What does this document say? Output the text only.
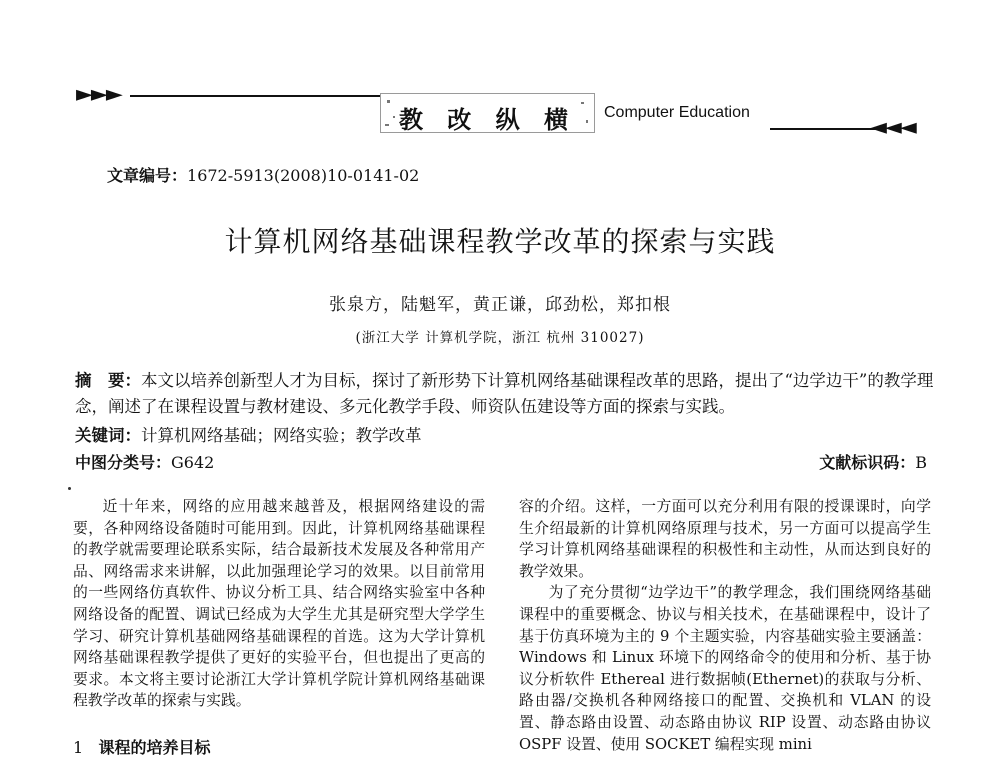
►►►
教 改 纵 横 Computer Education
◄◄◄
文章编号：1672-5913(2008)10-0141-02
计算机网络基础课程教学改革的探索与实践
张泉方，陆魁军，黄正谦，邱劲松，郑扣根
(浙江大学 计算机学院，浙江 杭州 310027)
摘　要：本文以培养创新型人才为目标，探讨了新形势下计算机网络基础课程改革的思路，提出了“边学边干”的教学理念，阐述了在课程设置与教材建设、多元化教学手段、师资队伍建设等方面的探索与实践。
关键词：计算机网络基础；网络实验；教学改革
中图分类号：G642	文献标识码：B

近十年来，网络的应用越来越普及，根据网络建设的需要，各种网络设备随时可能用到。因此，计算机网络基础课程的教学就需要理论联系实际，结合最新技术发展及各种常用产品、网络需求来讲解，以此加强理论学习的效果。以目前常用的一些网络仿真软件、协议分析工具、结合网络实验室中各种网络设备的配置、调试已经成为大学生尤其是研究型大学学生学习、研究计算机基础网络基础课程的首选。这为大学计算机网络基础课程教学提供了更好的实验平台，但也提出了更高的要求。本文将主要讨论浙江大学计算机学院计算机网络基础课程教学改革的探索与实践。

容的介绍。这样，一方面可以充分利用有限的授课课时，向学生介绍最新的计算机网络原理与技术，另一方面可以提高学生学习计算机网络基础课程的积极性和主动性，从而达到良好的教学效果。

为了充分贯彻“边学边干”的教学理念，我们围绕网络基础课程中的重要概念、协议与相关技术，在基础课程中，设计了基于仿真环境为主的 9 个主题实验，内容基础实验主要涵盖：Windows 和 Linux 环境下的网络命令的使用和分析、基于协议分析软件 Ethereal 进行数据帧(Ethernet)的获取与分析、路由器/交换机各种网络接口的配置、交换机和 VLAN 的设置、静态路由设置、动态路由协议 RIP 设置、动态路由协议 OSPF 设置、使用 SOCKET 编程实现 mini

1 课程的培养目标
